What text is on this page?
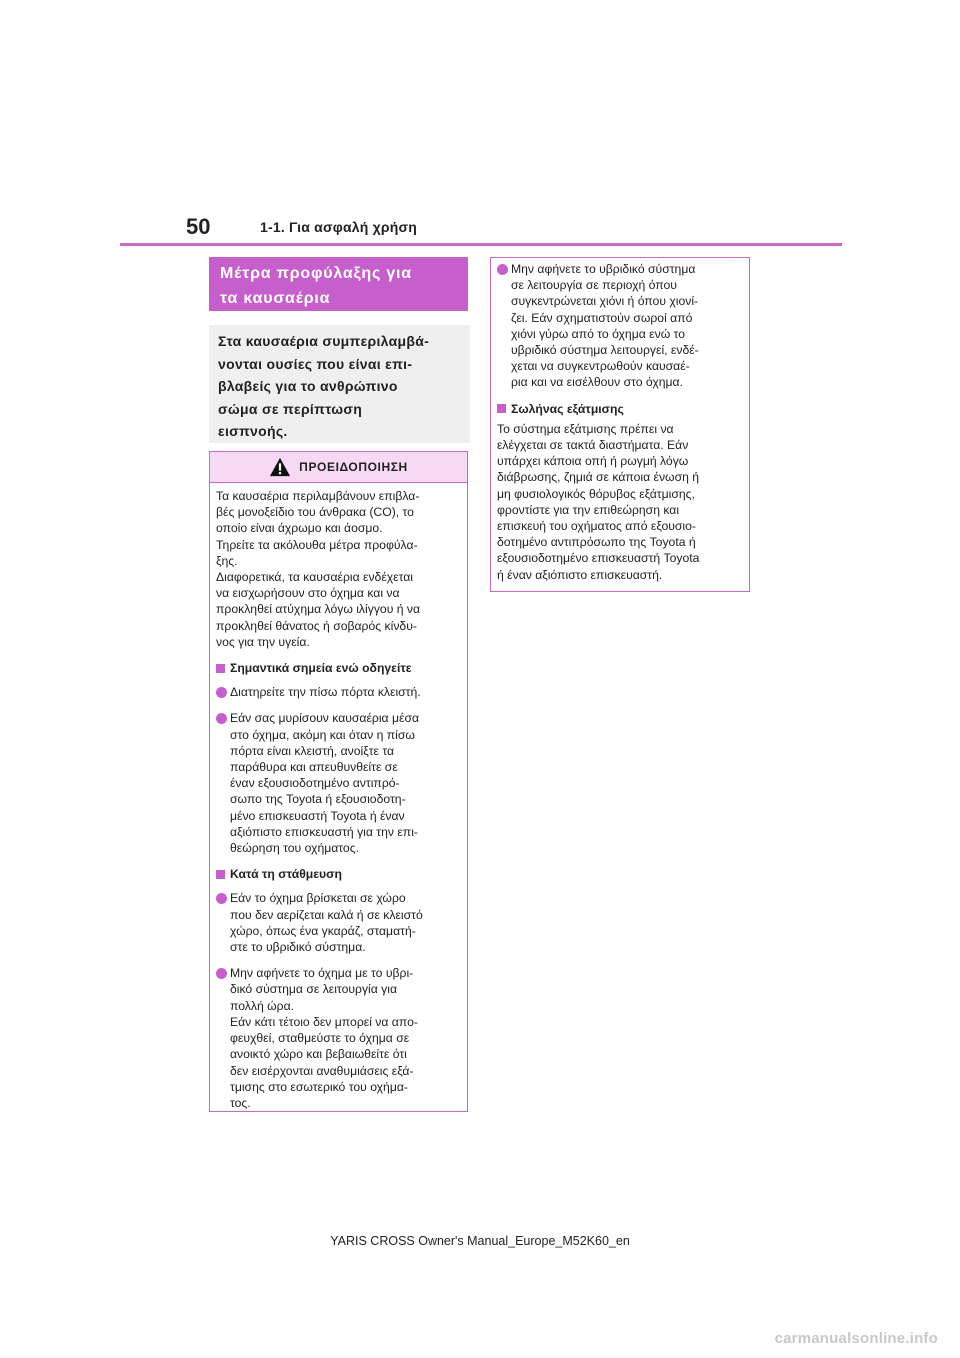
50	1-1. Για ασφαλή χρήση
Μέτρα προφύλαξης για
τα καυσαέρια
Στα καυσαέρια συμπεριλαμβά-
νονται ουσίες που είναι επι-
βλαβείς για το ανθρώπινο
σώμα σε περίπτωση
εισπνοής.
ΠΡΟΕΙΔΟΠΟΙΗΣΗ

Τα καυσαέρια περιλαμβάνουν επιβλα-
βές μονοξείδιο του άνθρακα (CO), το
οποίο είναι άχρωμο και άοσμο.
Τηρείτε τα ακόλουθα μέτρα προφύλα-
ξης.
Διαφορετικά, τα καυσαέρια ενδέχεται
να εισχωρήσουν στο όχημα και να
προκληθεί ατύχημα λόγω ιλίγγου ή να
προκληθεί θάνατος ή σοβαρός κίνδυ-
νος για την υγεία.

Σημαντικά σημεία ενώ οδηγείτε
Διατηρείτε την πίσω πόρτα κλειστή.
Εάν σας μυρίσουν καυσαέρια μέσα
στο όχημα, ακόμη και όταν η πίσω
πόρτα είναι κλειστή, ανοίξτε τα
παράθυρα και απευθυνθείτε σε
έναν εξουσιοδοτημένο αντιπρό-
σωπο της Toyota ή εξουσιοδοτη-
μένο επισκευαστή Toyota ή έναν
αξιόπιστο επισκευαστή για την επι-
θεώρηση του οχήματος.
Κατά τη στάθμευση
Εάν το όχημα βρίσκεται σε χώρο
που δεν αερίζεται καλά ή σε κλειστό
χώρο, όπως ένα γκαράζ, σταματή-
στε το υβριδικό σύστημα.
Μην αφήνετε το όχημα με το υβρι-
δικό σύστημα σε λειτουργία για
πολλή ώρα.
Εάν κάτι τέτοιο δεν μπορεί να απο-
φευχθεί, σταθμεύστε το όχημα σε
ανοικτό χώρο και βεβαιωθείτε ότι
δεν εισέρχονται αναθυμιάσεις εξά-
τμισης στο εσωτερικό του οχήμα-
τος.
Μην αφήνετε το υβριδικό σύστημα
σε λειτουργία σε περιοχή όπου
συγκεντρώνεται χιόνι ή όπου χιονί-
ζει. Εάν σχηματιστούν σωροί από
χιόνι γύρω από το όχημα ενώ το
υβριδικό σύστημα λειτουργεί, ενδέ-
χεται να συγκεντρωθούν καυσαέ-
ρια και να εισέλθουν στο όχημα.
Σωλήνας εξάτμισης

Το σύστημα εξάτμισης πρέπει να
ελέγχεται σε τακτά διαστήματα. Εάν
υπάρχει κάποια οπή ή ρωγμή λόγω
διάβρωσης, ζημιά σε κάποια ένωση ή
μη φυσιολογικός θόρυβος εξάτμισης,
φροντίστε για την επιθεώρηση και
επισκευή του οχήματος από εξουσιο-
δοτημένο αντιπρόσωπο της Toyota ή
εξουσιοδοτημένο επισκευαστή Toyota
ή έναν αξιόπιστο επισκευαστή.

YARIS CROSS Owner's Manual_Europe_M52K60_en
carmanualsonline.info
